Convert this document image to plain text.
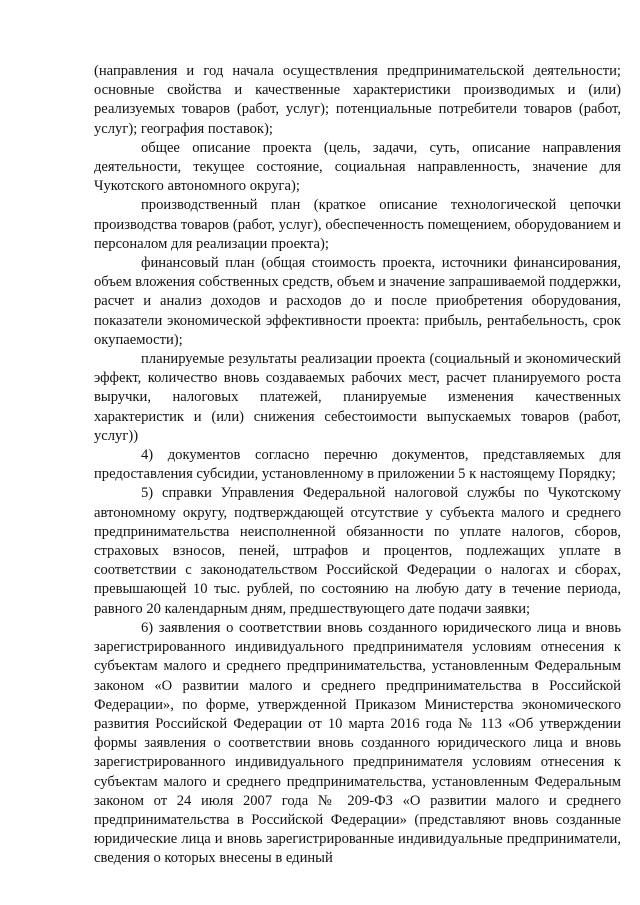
(направления и год начала осуществления предпринимательской деятельности; основные свойства и качественные характеристики производимых и (или) реализуемых товаров (работ, услуг); потенциальные потребители товаров (работ, услуг); география поставок);

общее описание проекта (цель, задачи, суть, описание направления деятельности, текущее состояние, социальная направленность, значение для Чукотского автономного округа);

производственный план (краткое описание технологической цепочки производства товаров (работ, услуг), обеспеченность помещением, оборудованием и персоналом для реализации проекта);

финансовый план (общая стоимость проекта, источники финансирования, объем вложения собственных средств, объем и значение запрашиваемой поддержки, расчет и анализ доходов и расходов до и после приобретения оборудования, показатели экономической эффективности проекта: прибыль, рентабельность, срок окупаемости);

планируемые результаты реализации проекта (социальный и экономический эффект, количество вновь создаваемых рабочих мест, расчет планируемого роста выручки, налоговых платежей, планируемые изменения качественных характеристик и (или) снижения себестоимости выпускаемых товаров (работ, услуг))

4) документов согласно перечню документов, представляемых для предоставления субсидии, установленному в приложении 5 к настоящему Порядку;

5) справки Управления Федеральной налоговой службы по Чукотскому автономному округу, подтверждающей отсутствие у субъекта малого и среднего предпринимательства неисполненной обязанности по уплате налогов, сборов, страховых взносов, пеней, штрафов и процентов, подлежащих уплате в соответствии с законодательством Российской Федерации о налогах и сборах, превышающей 10 тыс. рублей, по состоянию на любую дату в течение периода, равного 20 календарным дням, предшествующего дате подачи заявки;

6) заявления о соответствии вновь созданного юридического лица и вновь зарегистрированного индивидуального предпринимателя условиям отнесения к субъектам малого и среднего предпринимательства, установленным Федеральным законом «О развитии малого и среднего предпринимательства в Российской Федерации», по форме, утвержденной Приказом Министерства экономического развития Российской Федерации от 10 марта 2016 года № 113 «Об утверждении формы заявления о соответствии вновь созданного юридического лица и вновь зарегистрированного индивидуального предпринимателя условиям отнесения к субъектам малого и среднего предпринимательства, установленным Федеральным законом от 24 июля 2007 года № 209-ФЗ «О развитии малого и среднего предпринимательства в Российской Федерации» (представляют вновь созданные юридические лица и вновь зарегистрированные индивидуальные предприниматели, сведения о которых внесены в единый
